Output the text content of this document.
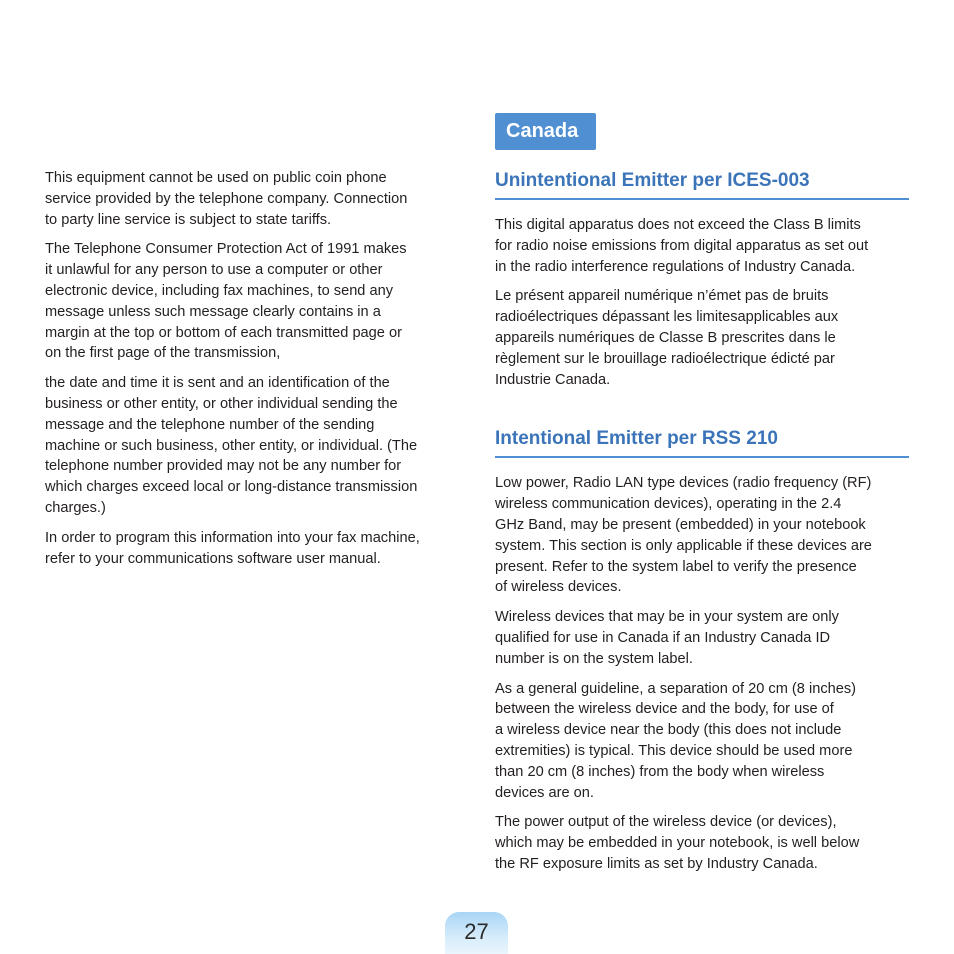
This equipment cannot be used on public coin phone
service provided by the telephone company. Connection
to party line service is subject to state tariffs.

The Telephone Consumer Protection Act of 1991 makes
it unlawful for any person to use a computer or other
electronic device, including fax machines, to send any
message unless such message clearly contains in a
margin at the top or bottom of each transmitted page or
on the first page of the transmission,

the date and time it is sent and an identification of the
business or other entity, or other individual sending the
message and the telephone number of the sending
machine or such business, other entity, or individual. (The
telephone number provided may not be any number for
which charges exceed local or long-distance transmission
charges.)

In order to program this information into your fax machine,
refer to your communications software user manual.

Canada
Unintentional Emitter per ICES-003

This digital apparatus does not exceed the Class B limits
for radio noise emissions from digital apparatus as set out
in the radio interference regulations of Industry Canada.

Le présent appareil numérique n’émet pas de bruits
radioélectriques dépassant les limitesapplicables aux
appareils numériques de Classe B prescrites dans le
règlement sur le brouillage radioélectrique édicté par
Industrie Canada.

Intentional Emitter per RSS 210

Low power, Radio LAN type devices (radio frequency (RF)
wireless communication devices), operating in the 2.4
GHz Band, may be present (embedded) in your notebook
system. This section is only applicable if these devices are
present. Refer to the system label to verify the presence
of wireless devices.

Wireless devices that may be in your system are only
qualified for use in Canada if an Industry Canada ID
number is on the system label.

As a general guideline, a separation of 20 cm (8 inches)
between the wireless device and the body, for use of
a wireless device near the body (this does not include
extremities) is typical. This device should be used more
than 20 cm (8 inches) from the body when wireless
devices are on.

The power output of the wireless device (or devices),
which may be embedded in your notebook, is well below
the RF exposure limits as set by Industry Canada.

27
